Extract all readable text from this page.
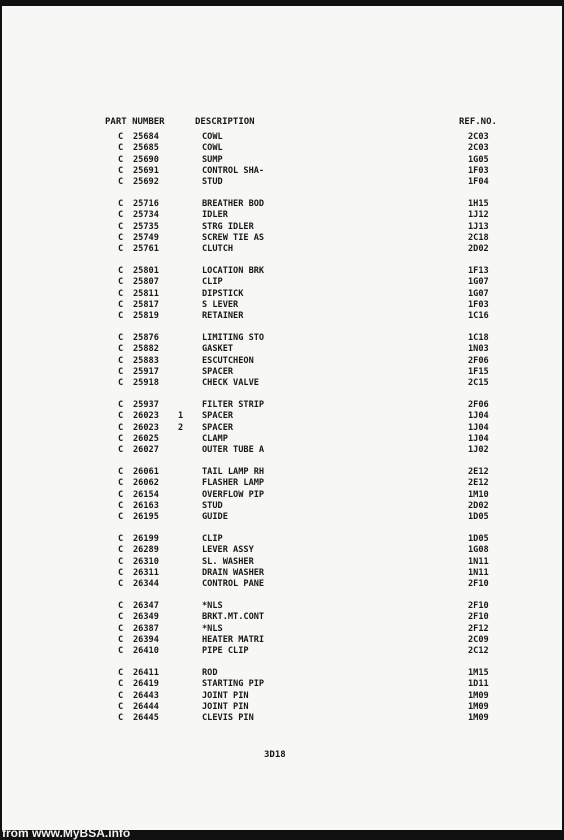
PART NUMBER	DESCRIPTION	REF.NO.
C 25684	COWL	2C03
C 25685	COWL	2C03
C 25690	SUMP	1G05
C 25691	CONTROL SHA-	1F03
C 25692	STUD	1F04
C 25716	BREATHER BOD	1H15
C 25734	IDLER	1J12
C 25735	STRG IDLER	1J13
C 25749	SCREW TIE AS	2C18
C 25761	CLUTCH	2D02
C 25801	LOCATION BRK	1F13
C 25807	CLIP	1G07
C 25811	DIPSTICK	1G07
C 25817	S LEVER	1F03
C 25819	RETAINER	1C16
C 25876	LIMITING STO	1C18
C 25882	GASKET	1N03
C 25883	ESCUTCHEON	2F06
C 25917	SPACER	1F15
C 25918	CHECK VALVE	2C15
C 25937	FILTER STRIP	2F06
C 26023 1 SPACER	1J04
C 26023 2 SPACER	1J04
C 26025	CLAMP	1J04
C 26027	OUTER TUBE A	1J02
C 26061	TAIL LAMP RH	2E12
C 26062	FLASHER LAMP	2E12
C 26154	OVERFLOW PIP	1M10
C 26163	STUD	2D02
C 26195	GUIDE	1D05
C 26199	CLIP	1D05
C 26289	LEVER ASSY	1G08
C 26310	SL. WASHER	1N11
C 26311	DRAIN WASHER	1N11
C 26344	CONTROL PANE	2F10
C 26347	*NLS	2F10
C 26349	BRKT.MT.CONT	2F10
C 26387	*NLS	2F12
C 26394	HEATER MATRI	2C09
C 26410	PIPE CLIP	2C12
C 26411	ROD	1M15
C 26419	STARTING PIP	1D11
C 26443	JOINT PIN	1M09
C 26444	JOINT PIN	1M09
C 26445	CLEVIS PIN	1M09
3D18
from www.MyBSA.info
